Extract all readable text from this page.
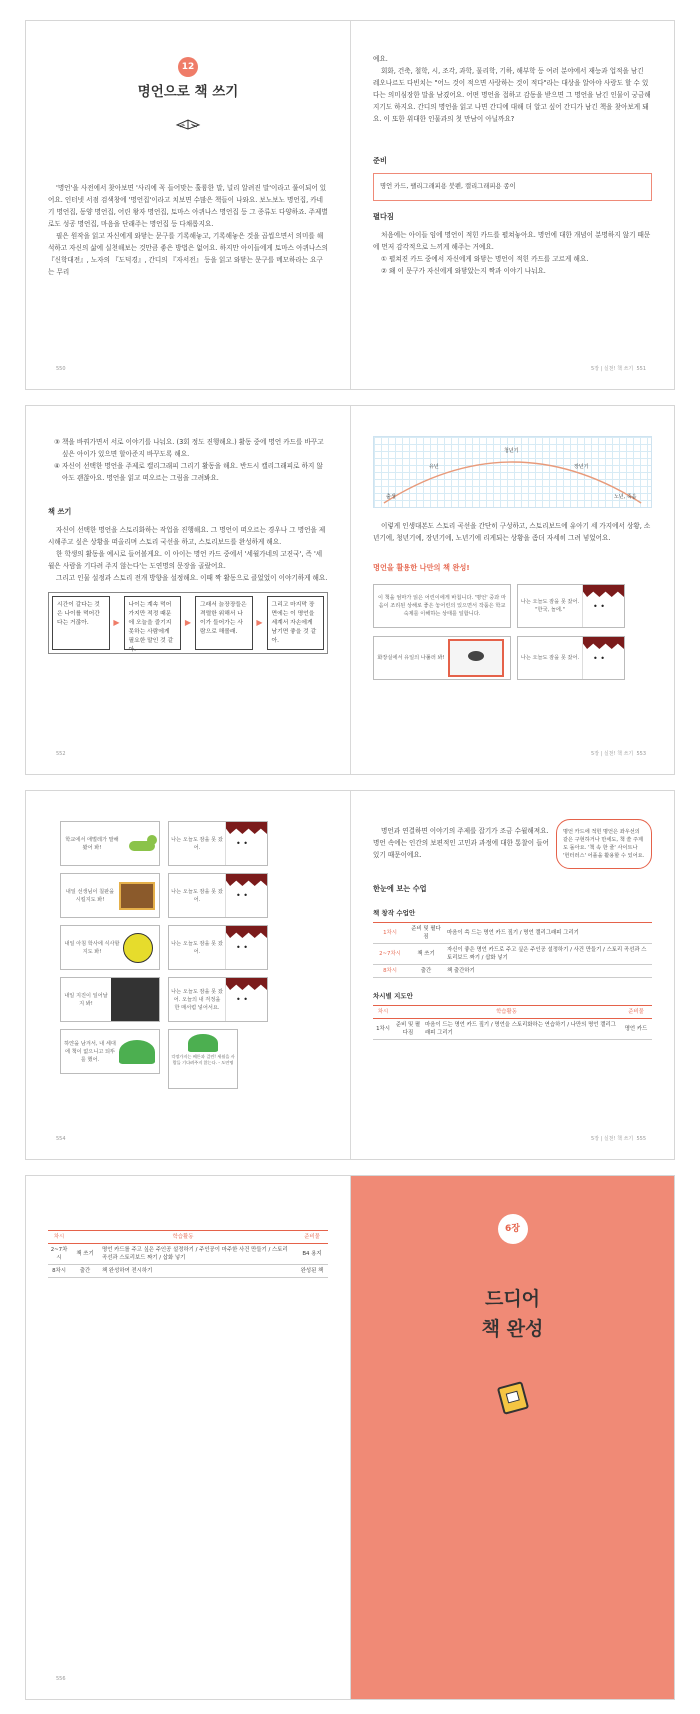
12
명언으로 책 쓰기

'명언'을 사전에서 찾아보면 '사리에 꼭 들어맞는 훌륭한 말, 널리 알려진 말'이라고 풀이되어 있어요. 인터넷 서점 검색창에 '명언집'이라고 치보면 수많은 책들이 나와요. 보노보노 명언집, 카네기 명언집, 동양 명언집, 어린 왕자 명언집, 토마스 아퀴나스 명언집 등 그 종류도 다양하죠. 주제별로도 성공 명언집, 마음을 단래주는 명언집 등 다채롭지요.

필은 원작을 읽고 자신에게 와닿는 문구를 기록해놓고, 기록해놓은 것을 곱씹으면서 의미를 해석하고 자신의 삶에 실천해보는 것만큼 좋은 방법은 없어요. 하지만 아이들에게 토마스 아퀴나스의 『신학대전』, 노자의 『도덕경』, 간디의 『자서전』 등을 읽고 와닿는 문구를 메모하라는 요구는 무리

550
예요.

회화, 건축, 철학, 시, 조각, 과학, 물리학, 기하, 해부학 등 여러 분야에서 재능과 업적을 남긴 레오나르도 다빈치는 "어느 것이 적으면 사랑하는 것이 적다"라는 대상을 알아야 사랑도 할 수 있다는 의미심장한 말을 남겼어요. 어떤 명언을 접하고 감동을 받으면 그 명언을 남긴 인물이 궁금해지기도 하지요. 간디의 명언을 읽고 나면 간디에 대해 더 알고 싶어 간디가 남긴 책을 찾아보게 돼요. 이 또한 위대한 인물과의 첫 만남이 아닐까요?

준비
명언 카드, 팰리그래피용 붓펜, 캘리그래피용 종이
펼다짐

처음에는 아이들 임에 명언이 적힌 카드를 펼쳐놓아요. 명언에 대한 개념이 분명하지 않기 때문에 먼저 감각적으로 느끼게 해주는 거예요.

① 펼쳐진 카드 중에서 자신에게 와닿는 명언이 적힌 카드를 고르게 해요.
② 왜 이 문구가 자신에게 와닿았는지 짝과 이야기 나눠요.
5장 | 실천! 책 쓰기 551
③ 책을 바꿔가면서 서로 이야기를 나눠요. (3회 정도 진행해요.) 활동 중에 명언 카드를 바꾸고 싶은 아이가 있으면 할아준지 바꾸도록 해요.
④ 자신이 선택한 명언을 주제로 캘리그래피 그리기 활동을 해요. 반드시 캘리그래피로 하지 않아도 괜찮아요. 명언을 읽고 떠오르는 그림을 그려봐요.
책 쓰기

자신이 선택한 명언을 스토리화하는 작업을 진행해요. 그 명언이 떠오르는 경우나 그 명언을 제시해주고 싶은 상황을 떠올리며 스토리 국선을 하고, 스토리보드를 완성하게 해요.

한 학생의 활동을 예시로 들어볼게요. 이 아이는 명언 카드 중에서 '세월가네의 고진국', 즉 '세월은 사람을 기다려 주지 않는다'는 도연명의 문장을 골랐어요.

그리고 인물 설정과 스토리 전개 방향을 설정해요. 이때 짝 활동으로 클었었이 이야기하게 해요.

시간이 갈다는 것은 나이를 먹어간다는 거잖아.	▶
나이는 계속 먹어가지만 적정 때문에 오늘을 즐기지 못하는 사람에게 필요한 말인 것 같아.
▶
그래서 늙장장들은 격렬한 위해서 나이가 들어가는 사람으로 해볼래.
▶
그리고 마지막 장면에는 이 명언을 세계서 자손에게 남기면 좋을 것 같아.
552
출생
유년
청년기
장년기
노년, 죽음

이렇게 인생대본도 스토리 곡선을 간단히 구성하고, 스토리보드에 유아기 세 가지에서 상황, 소년기에, 청년기에, 장년기에, 노년기에 리게되는 상황을 좀더 자세히 그려 넣었어요.

명언을 활용한 나만의 책 완성!
이 책을 엄마가 읽은 어린이에게 바칩니다. '명언' 중과 마음이 조리된 상해로 좋은 놓어린의 있으면서 작품은 학교 숙제를 이해하는 상태를 일합니다.
나는 오늘도 잠을 못 잤어. "한국, 놀에."
• •
화장실에서 유일의 나풀러 봐!	나는 오늘도 잠을 못 잤어.
• •
5장 | 실천! 책 쓰기 553
학교에서 애벌레가 말해봤어 봐!
나는 오늘도 잠을 못 잤어.
• •
내일 선생님이 칠판을 시킬지도 봐!
나는 오늘도 잠을 못 잤어.
• •
내일 아침 학사에 식사할지도 봐!
나는 오늘도 잠을 못 잤어.
• •
내일 지진이 일어날지 봐!
나는 오늘도 잠을 못 잤어. 오늘의 내 걱정을 한 매서럽 넣어서요.
• •
하얀을 남겨서, 내 세대에 책이 없으니고 되뚜를 했어.	걱정가지는 베튼과 걸린! 세월을 사람들 기다려주지 않는다. - 도연명
554

명언과 연결하면 이야기의 주제를 잡기가 조금 수월해져요. 명언 속에는 인간의 보편적인 고민과 과정에 대한 통찰이 들어 있기 때문이에요.

명언 카드에 적힌 명언은 좌우선의 같은 구현하거나 만세도, 책 쓸 주제도 돌아요. '책 속 한 줄' 사이트나 '헌터러스' 어플을 활용할 수 있어요.
한눈에 보는 수업
책 창작 수업안
1차시	준비 및 펼다짐	마음이 쓱 드는 명언 카드 짚기 / 명언 캘리그래피 그리기
2~7차시	책 쓰기	자신이 좋은 명언 카드로 주고 싶은 주인공 설정하기 / 사건 만들기 / 스토리 곡선과 스토리보드 짜기 / 삽화 넣기
8차시	출간	책 출간하기
차시별 지도안
차시	학습활동		준비물
1차시	준비 및 펼다짐	마음이 드는 명언 카드 짚기 / 명언을 스토리화하는 연습하기 / 나만의 명언 캘리그래피 그리기	명언 카드
5장 | 실천! 책 쓰기 555
차시	학습활동		준비물
2~7차시	책 쓰기	명언 카드를 주고 싶은 주인공 설정하기 / 주인공이 마주한 사건 만들기 / 스토리 곡선과 스토리보드 짜기 / 삽화 넣기	B4 용지
8차시	출간	책 완성하여 전시하기	완성된 책
556
6장
드디어
책 완성
